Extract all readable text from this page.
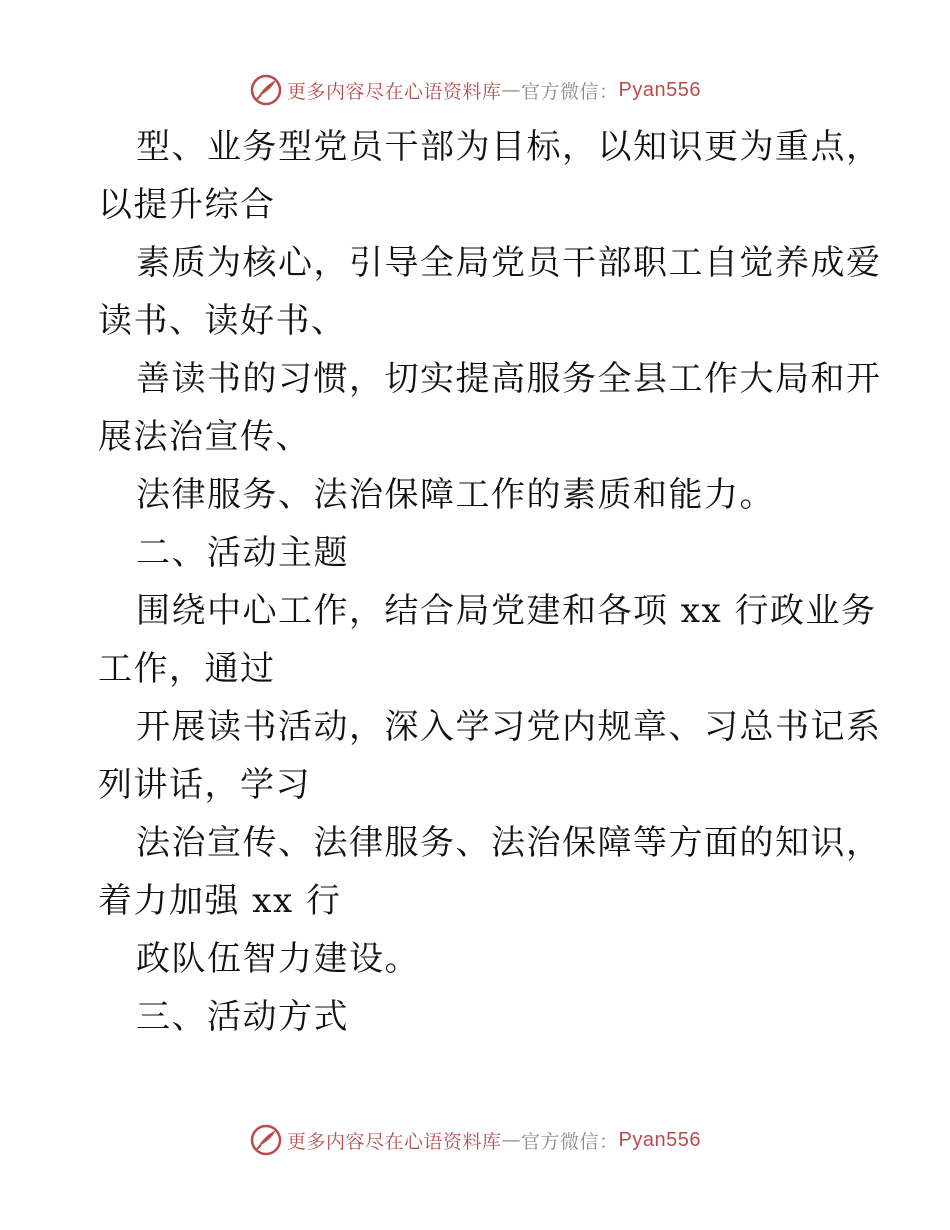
更多内容尽在心语资料库 — 官方微信： Pyan556
型、业务型党员干部为目标，以知识更为重点，
以提升综合
素质为核心，引导全局党员干部职工自觉养成爱
读书、读好书、
善读书的习惯，切实提高服务全县工作大局和开
展法治宣传、
法律服务、法治保障工作的素质和能力。
二、活动主题
围绕中心工作，结合局党建和各项 xx 行政业务
工作，通过
开展读书活动，深入学习党内规章、习总书记系
列讲话，学习
法治宣传、法律服务、法治保障等方面的知识，
着力加强 xx 行
政队伍智力建设。
三、活动方式
更多内容尽在心语资料库 — 官方微信： Pyan556
